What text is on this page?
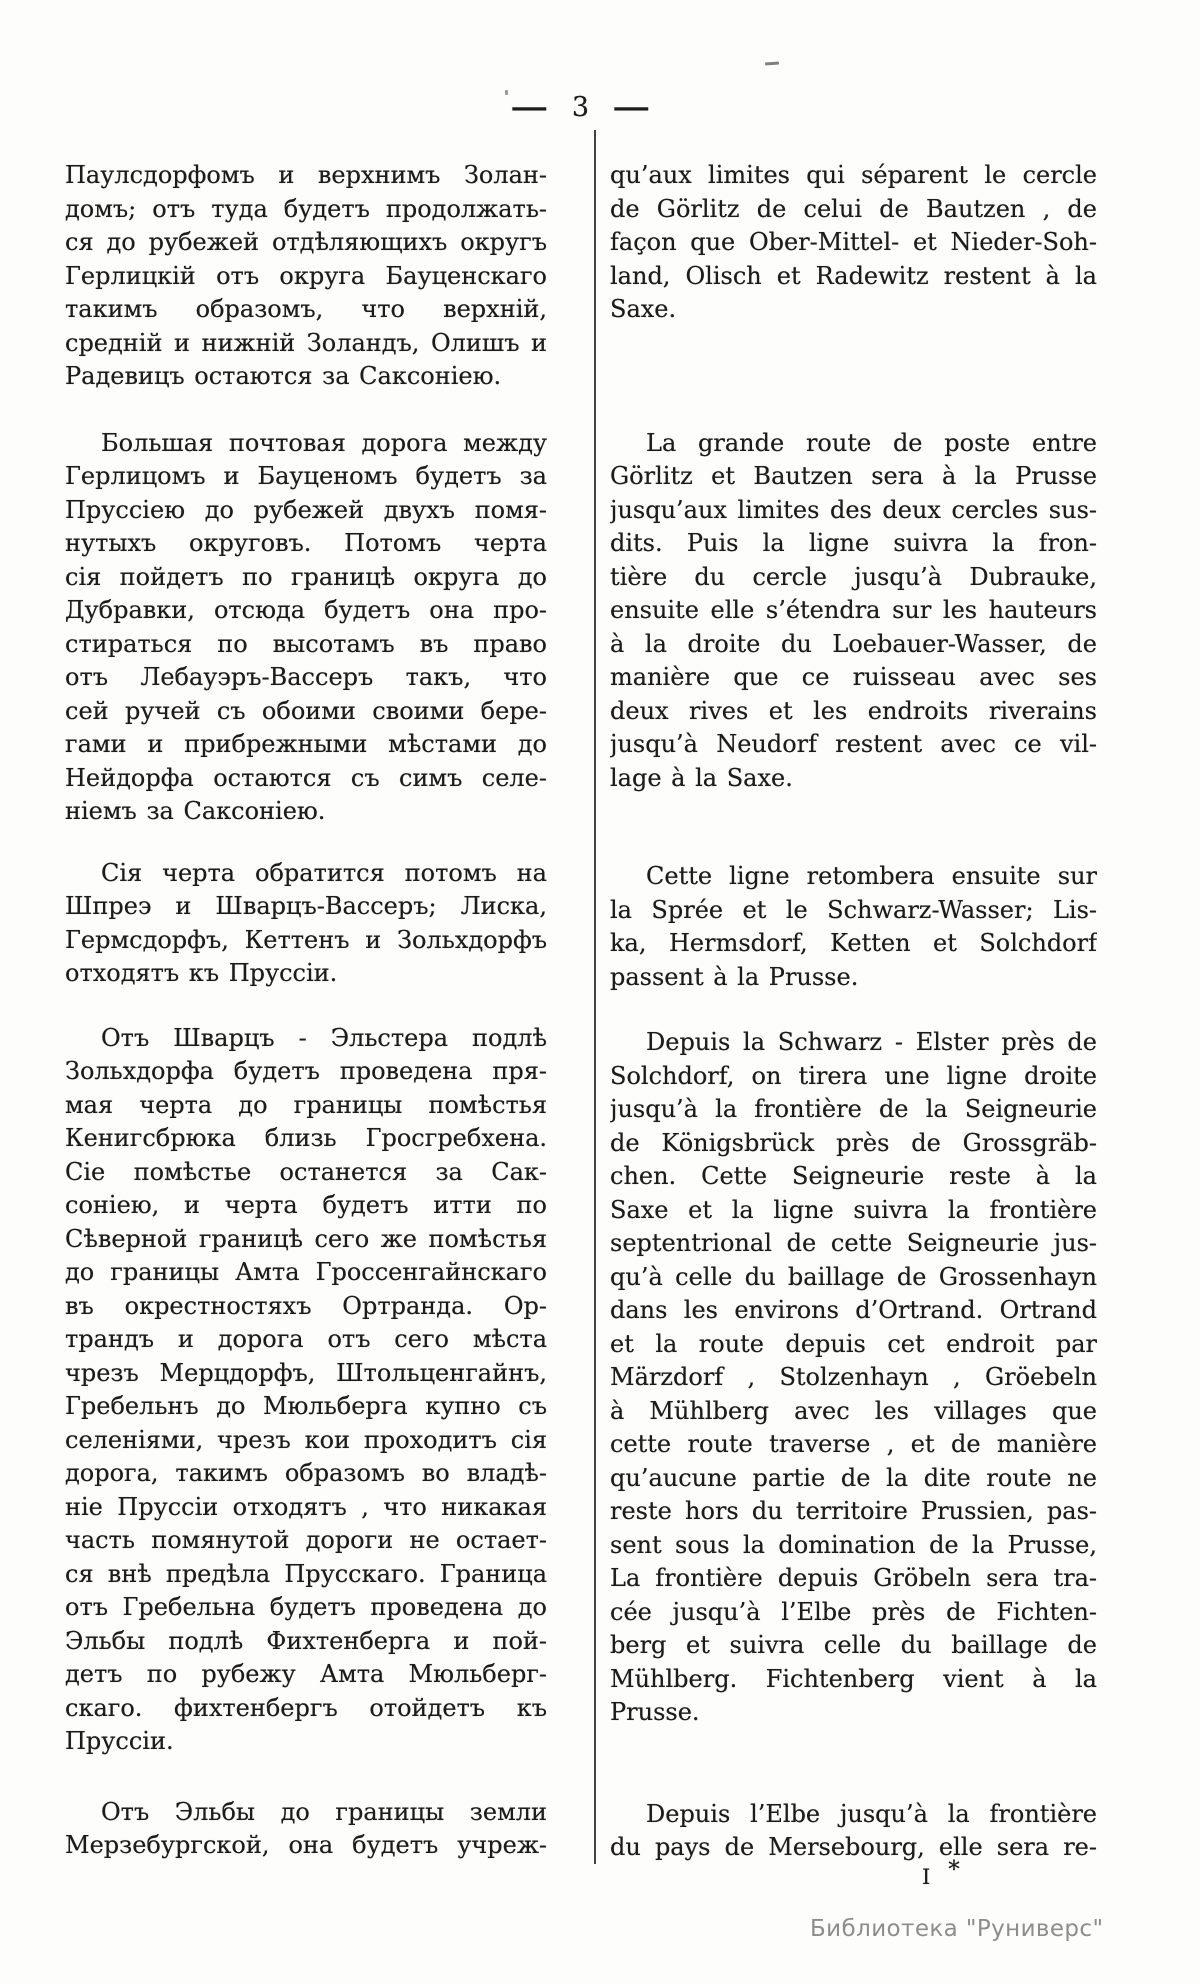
— 3 —
Паулсдорфомъ и верхнимъ Золан-
домъ; отъ туда будетъ продолжать-
ся до рубежей отдѣляющихъ округъ
Герлицкій отъ округа Бауценскаго
такимъ образомъ, что верхній,
средній и нижній Золандъ, Олишъ и
Радевицъ остаются за Саксоніею.
Большая почтовая дорога между
Герлицомъ и Бауценомъ будетъ за
Пруссіею до рубежей двухъ помя-
нутыхъ округовъ. Потомъ черта
сія пойдетъ по границѣ округа до
Дубравки, отсюда будетъ она про-
стираться по высотамъ въ право
отъ Лебауэръ-Вассеръ такъ, что
сей ручей съ обоими своими бере-
гами и прибрежными мѣстами до
Нейдорфа остаются съ симъ селе-
ніемъ за Саксоніею.
Сія черта обратится потомъ на
Шпреэ и Шварцъ-Вассеръ; Лиска,
Гермсдорфъ, Кеттенъ и Зольхдорфъ
отходятъ къ Пруссіи.
Отъ Шварцъ - Эльстера подлѣ
Зольхдорфа будетъ проведена пря-
мая черта до границы помѣстья
Кенигсбрюка близь Гросгребхена.
Сіе помѣстье останется за Сак-
соніею, и черта будетъ итти по
Сѣверной границѣ сего же помѣстья
до границы Амта Гроссенгайнскаго
въ окрестностяхъ Ортранда. Ор-
трандъ и дорога отъ сего мѣста
чрезъ Мерцдорфъ, Штольценгайнъ,
Гребельнъ до Мюльберга купно съ
селеніями, чрезъ кои проходитъ сія
дорога, такимъ образомъ во владѣ-
ніе Пруссіи отходятъ , что никакая
часть помянутой дороги не остает-
ся внѣ предѣла Прусскаго. Граница
отъ Гребельна будетъ проведена до
Эльбы подлѣ Фихтенберга и пой-
детъ по рубежу Амта Мюльберг-
скаго. фихтенбергъ отойдетъ къ
Пруссіи.
Отъ Эльбы до границы земли
Мерзебургской, она будетъ учреж-
qu’aux limites qui séparent le cercle
de Görlitz de celui de Bautzen , de
façon que Ober-Mittel- et Nieder-Soh-
land, Olisch et Radewitz restent à la
Saxe.
La grande route de poste entre
Görlitz et Bautzen sera à la Prusse
jusqu’aux limites des deux cercles sus-
dits. Puis la ligne suivra la fron-
tière du cercle jusqu’à Dubrauke,
ensuite elle s’étendra sur les hauteurs
à la droite du Loebauer-Wasser, de
manière que ce ruisseau avec ses
deux rives et les endroits riverains
jusqu’à Neudorf restent avec ce vil-
lage à la Saxe.
Cette ligne retombera ensuite sur
la Sprée et le Schwarz-Wasser; Lis-
ka, Hermsdorf, Ketten et Solchdorf
passent à la Prusse.
Depuis la Schwarz - Elster près de
Solchdorf, on tirera une ligne droite
jusqu’à la frontière de la Seigneurie
de Königsbrück près de Grossgräb-
chen. Cette Seigneurie reste à la
Saxe et la ligne suivra la frontière
septentrional de cette Seigneurie jus-
qu’à celle du baillage de Grossenhayn
dans les environs d’Ortrand. Ortrand
et la route depuis cet endroit par
Märzdorf , Stolzenhayn , Gröebeln
à Mühlberg avec les villages que
cette route traverse , et de manière
qu’aucune partie de la dite route ne
reste hors du territoire Prussien, pas-
sent sous la domination de la Prusse,
La frontière depuis Gröbeln sera tra-
cée jusqu’à l’Elbe près de Fichten-
berg et suivra celle du baillage de
Mühlberg. Fichtenberg vient à la
Prusse.
Depuis l’Elbe jusqu’à la frontière
du pays de Mersebourg, elle sera re-
I *
Библиотека "Руниверс"
